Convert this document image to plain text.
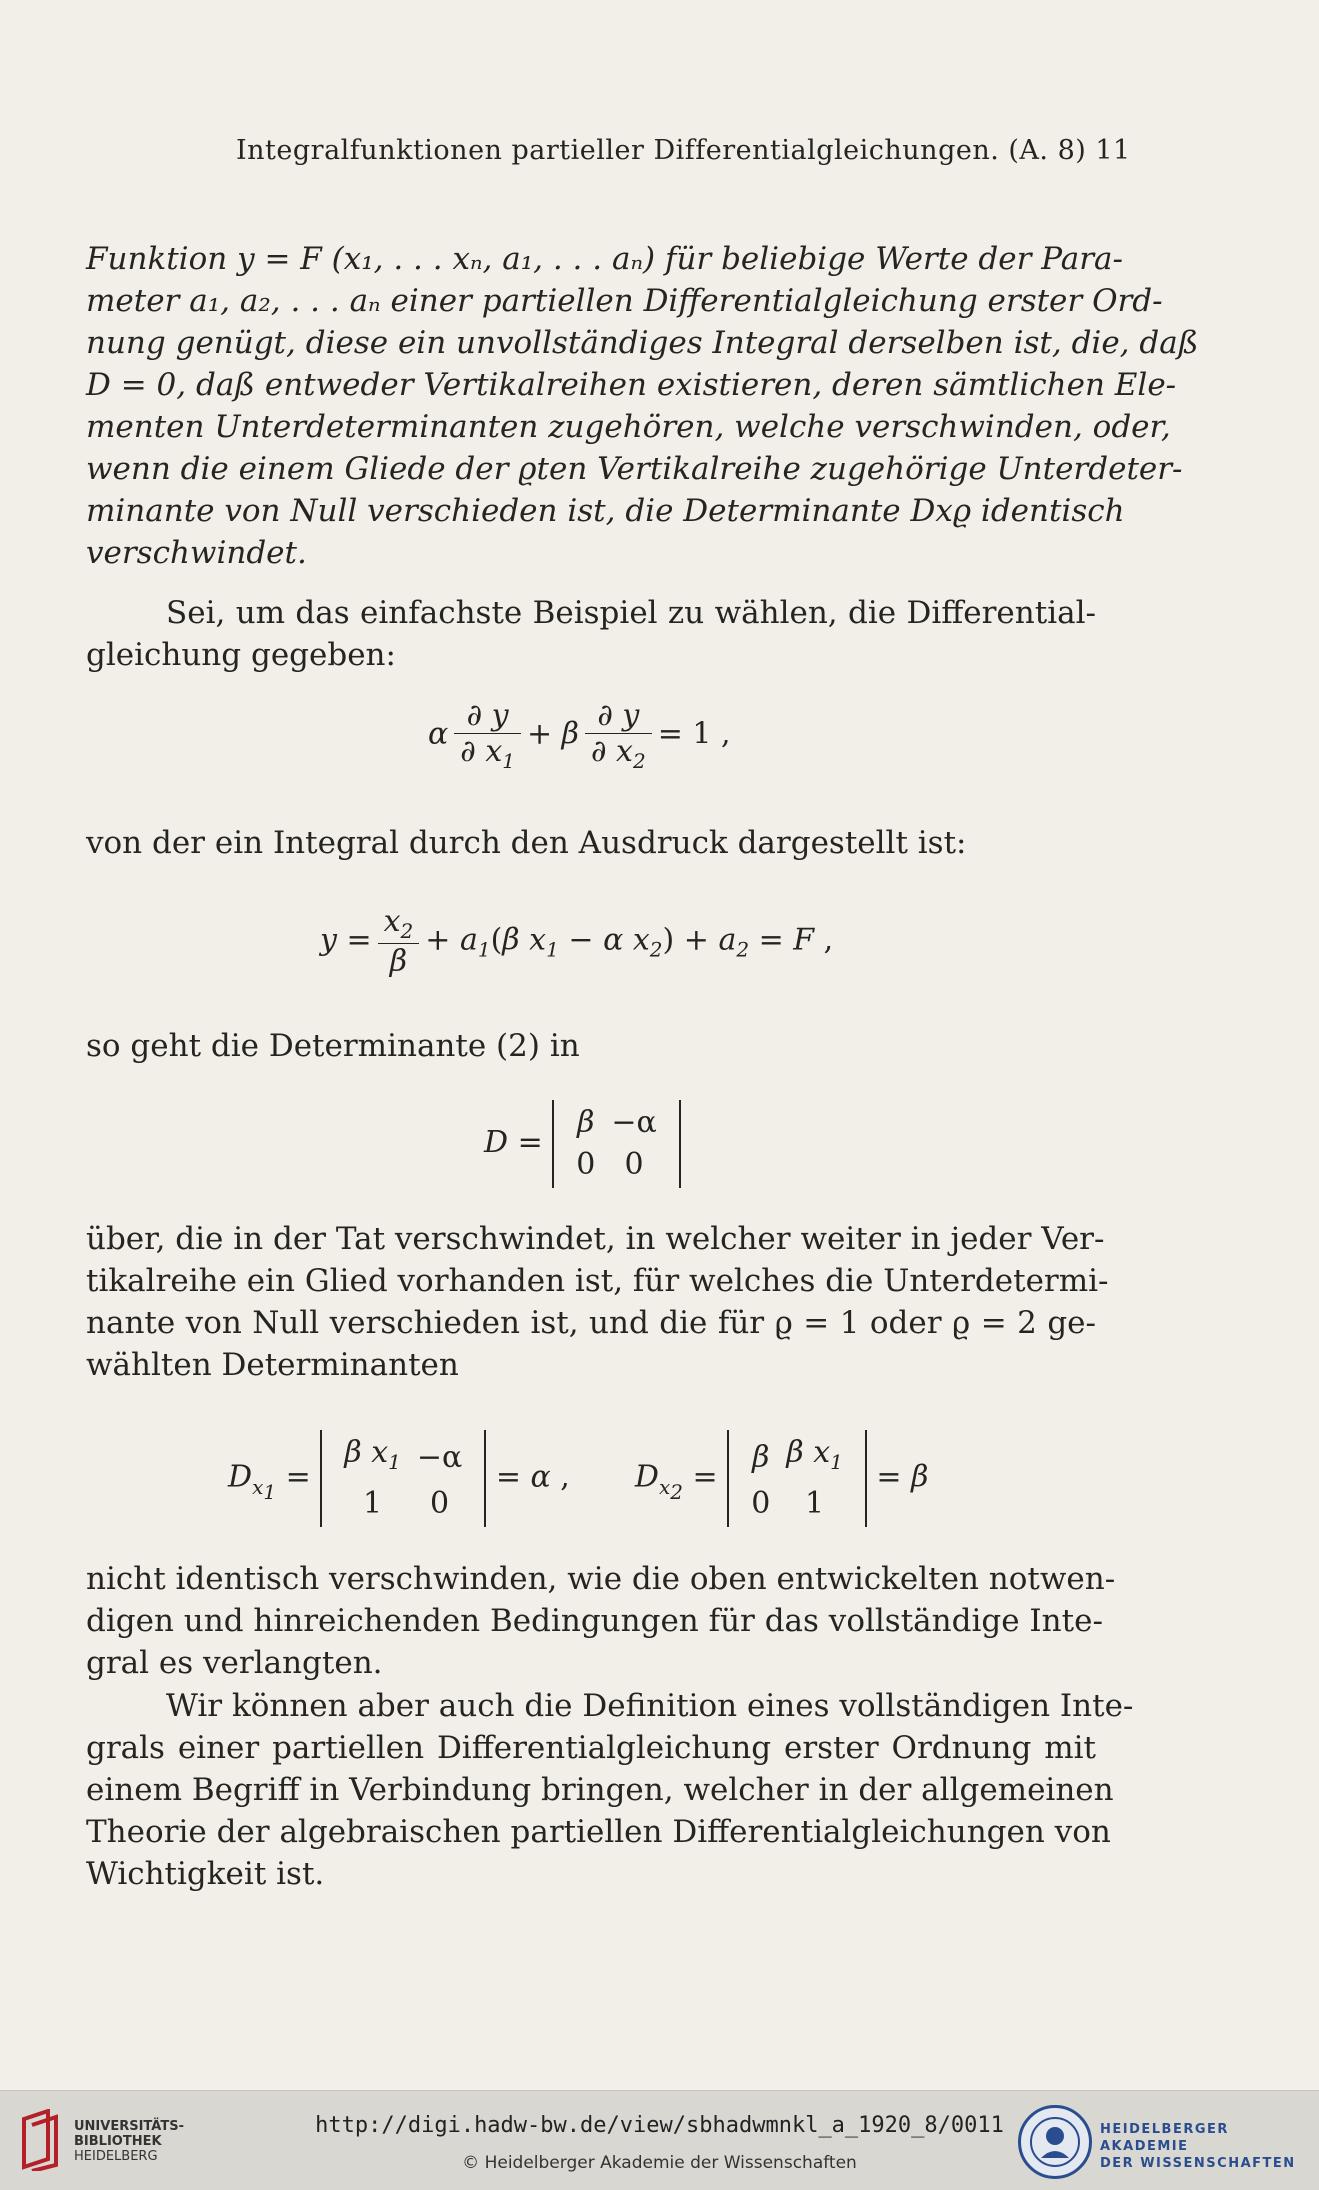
Integralfunktionen partieller Differentialgleichungen. (A. 8) 11
Funktion y = F (x₁, . . . xₙ, a₁, . . . aₙ) für beliebige Werte der Para-
meter a₁, a₂, . . . aₙ einer partiellen Differentialgleichung erster Ord-
nung genügt, diese ein unvollständiges Integral derselben ist, die, daß
D = 0, daß entweder Vertikalreihen existieren, deren sämtlichen Ele-
menten Unterdeterminanten zugehören, welche verschwinden, oder,
wenn die einem Gliede der ϱten Vertikalreihe zugehörige Unterdeter-
minante von Null verschieden ist, die Determinante Dxϱ identisch
verschwindet.
Sei, um das einfachste Beispiel zu wählen, die Differential-
gleichung gegeben:
α $\frac{\partial y}{\partial x_1} + \beta \frac{\partial y}{\partial x_2} = 1$ ,
von der ein Integral durch den Ausdruck dargestellt ist:
$y = \frac{x_2}{\beta} + a_1(\beta$ $x_1 - \alpha$ $x_2) + a_2 = F$ ,
so geht die Determinante (2) in
D =
β	−α
0	0
über, die in der Tat verschwindet, in welcher weiter in jeder Ver-
tikalreihe ein Glied vorhanden ist, für welches die Unterdetermi-
nante von Null verschieden ist, und die für ϱ = 1 oder ϱ = 2 ge-
wählten Determinanten
$D_{x_1}$ =
β $x_1$	−α
1	0
= α ,  $D_{x_2}$ =
β	β $x_1$
0	1
= β
nicht identisch verschwinden, wie die oben entwickelten notwen-
digen und hinreichenden Bedingungen für das vollständige Inte-
gral es verlangten.
Wir können aber auch die Definition eines vollständigen Inte-
grals einer partiellen Differentialgleichung erster Ordnung mit
einem Begriff in Verbindung bringen, welcher in der allgemeinen
Theorie der algebraischen partiellen Differentialgleichungen von
Wichtigkeit ist.
UNIVERSITÄTS-
BIBLIOTHEK
HEIDELBERG
http://digi.hadw-bw.de/view/sbhadwmnkl_a_1920_8/0011
© Heidelberger Akademie der Wissenschaften
HEIDELBERGER AKADEMIE
DER WISSENSCHAFTEN
